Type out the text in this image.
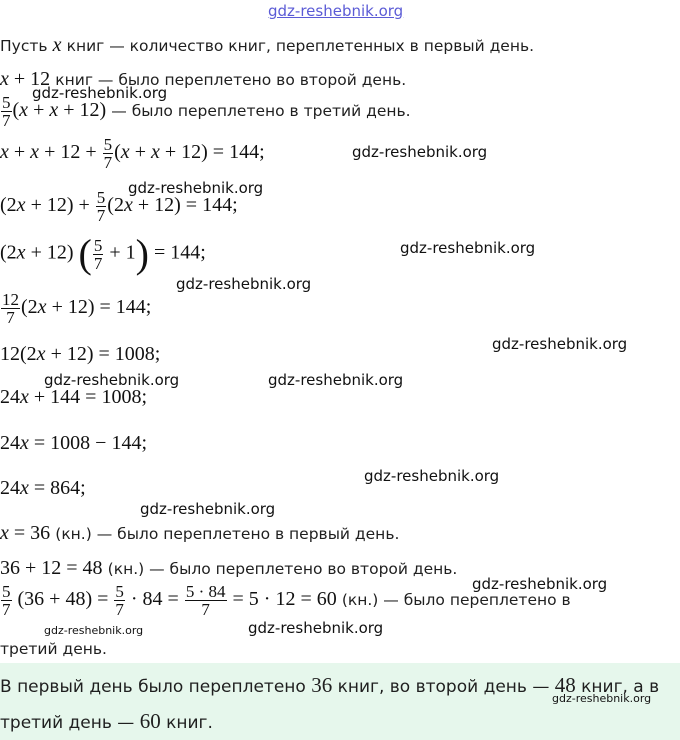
gdz-reshebnik.org
Пусть x книг — количество книг, переплетенных в первый день.
x + 12 книг — было переплетено во второй день.
gdz-reshebnik.org
$\frac{5}{7} (x + x + 12)$ — было переплетено в третий день.
$x + x + 12 + \frac{5}{7} (x + x + 12) = 144$;	gdz-reshebnik.org
gdz-reshebnik.org
$(2x + 12) + \frac{5}{7} (2x + 12) = 144$;
(2x + 12) ( $\frac{5}{7} + 1) = 144$;	gdz-reshebnik.org
gdz-reshebnik.org
$\frac{12}{7} (2x + 12) = 144$;
12(2x + 12) = 1008;	gdz-reshebnik.org
gdz-reshebnik.org	gdz-reshebnik.org
24x + 144 = 1008;
24x = 1008 − 144;
24x = 864;
gdz-reshebnik.org
gdz-reshebnik.org
x = 36 (кн.) — было переплетено в первый день.
36 + 12 = 48 (кн.) — было переплетено во второй день.
gdz-reshebnik.org
$\frac{5}{7} (36 + 48) = \frac{5}{7} \cdot 84 = \frac{5 \cdot 84}{7} = 5 \cdot 12 = 60$ (кн.) — было переплетено в
gdz-reshebnik.org	gdz-reshebnik.org
третий день.
В первый день было переплетено 36 книг, во второй день — 48 книг, а в
gdz-reshebnik.org
третий день — 60 книг.
